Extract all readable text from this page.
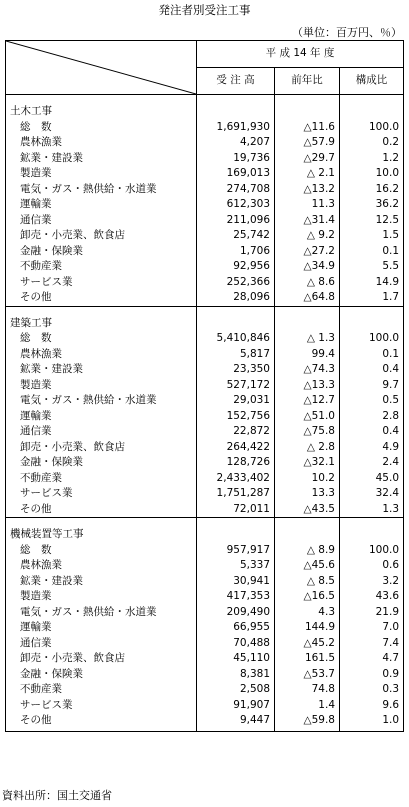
発注者別受注工事
（単位：百万円、％）
	平 成 14 年 度		
	受 注 高	前年比	構成比

土木工事			
総　数	1,691,930	△11.6	100.0
農林漁業	4,207	△57.9	0.2
鉱業・建設業	19,736	△29.7	1.2
製造業	169,013	△ 2.1	10.0
電気・ガス・熱供給・水道業	274,708	△13.2	16.2
運輸業	612,303	11.3	36.2
通信業	211,096	△31.4	12.5
卸売・小売業、飲食店	25,742	△ 9.2	1.5
金融・保険業	1,706	△27.2	0.1
不動産業	92,956	△34.9	5.5
サービス業	252,366	△ 8.6	14.9
その他	28,096	△64.8	1.7

建築工事			
総　数	5,410,846	△ 1.3	100.0
農林漁業	5,817	99.4	0.1
鉱業・建設業	23,350	△74.3	0.4
製造業	527,172	△13.3	9.7
電気・ガス・熱供給・水道業	29,031	△12.7	0.5
運輸業	152,756	△51.0	2.8
通信業	22,872	△75.8	0.4
卸売・小売業、飲食店	264,422	△ 2.8	4.9
金融・保険業	128,726	△32.1	2.4
不動産業	2,433,402	10.2	45.0
サービス業	1,751,287	13.3	32.4
その他	72,011	△43.5	1.3

機械装置等工事			
総　数	957,917	△ 8.9	100.0
農林漁業	5,337	△45.6	0.6
鉱業・建設業	30,941	△ 8.5	3.2
製造業	417,353	△16.5	43.6
電気・ガス・熱供給・水道業	209,490	4.3	21.9
運輸業	66,955	144.9	7.0
通信業	70,488	△45.2	7.4
卸売・小売業、飲食店	45,110	161.5	4.7
金融・保険業	8,381	△53.7	0.9
不動産業	2,508	74.8	0.3
サービス業	91,907	1.4	9.6
その他	9,447	△59.8	1.0

資料出所：国土交通省
